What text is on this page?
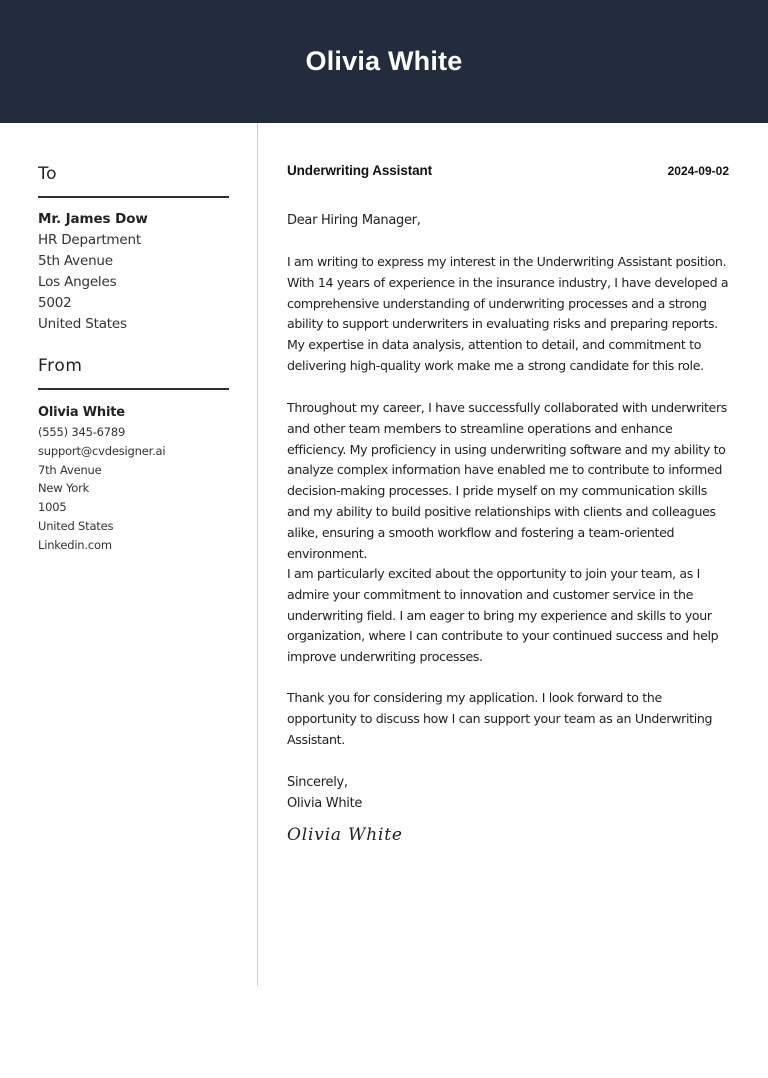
Olivia White
To
Mr. James Dow
HR Department
5th Avenue
Los Angeles
5002
United States
From
Olivia White
(555) 345-6789
support@cvdesigner.ai
7th Avenue
New York
1005
United States
Linkedin.com
Underwriting Assistant	2024-09-02
Dear Hiring Manager,
I am writing to express my interest in the Underwriting Assistant position. With 14 years of experience in the insurance industry, I have developed a comprehensive understanding of underwriting processes and a strong ability to support underwriters in evaluating risks and preparing reports. My expertise in data analysis, attention to detail, and commitment to delivering high-quality work make me a strong candidate for this role.
Throughout my career, I have successfully collaborated with underwriters and other team members to streamline operations and enhance efficiency. My proficiency in using underwriting software and my ability to analyze complex information have enabled me to contribute to informed decision-making processes. I pride myself on my communication skills and my ability to build positive relationships with clients and colleagues alike, ensuring a smooth workflow and fostering a team-oriented environment.
I am particularly excited about the opportunity to join your team, as I admire your commitment to innovation and customer service in the underwriting field. I am eager to bring my experience and skills to your organization, where I can contribute to your continued success and help improve underwriting processes.
Thank you for considering my application. I look forward to the opportunity to discuss how I can support your team as an Underwriting Assistant.
Sincerely,
Olivia White
Olivia White
